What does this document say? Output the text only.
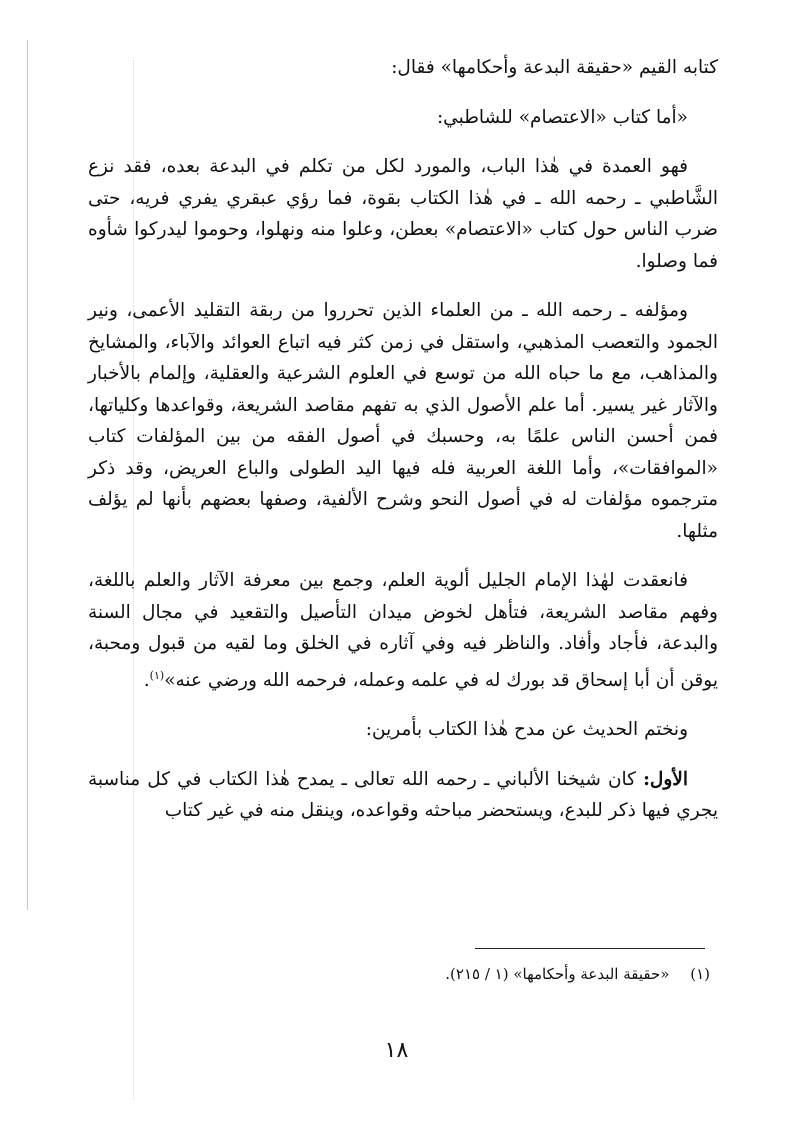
كتابه القيم «حقيقة البدعة وأحكامها» فقال:

«أما كتاب «الاعتصام» للشاطبي:

فهو العمدة في هٰذا الباب، والمورد لكل من تكلم في البدعة بعده، فقد نزع الشَّاطبي ـ رحمه الله ـ في هٰذا الكتاب بقوة، فما رؤي عبقري يفري فريه، حتى ضرب الناس حول كتاب «الاعتصام» بعطن، وعلوا منه ونهلوا، وحوموا ليدركوا شأوه فما وصلوا.

ومؤلفه ـ رحمه الله ـ من العلماء الذين تحرروا من ربقة التقليد الأعمى، ونير الجمود والتعصب المذهبي، واستقل في زمن كثر فيه اتباع العوائد والآباء، والمشايخ والمذاهب، مع ما حباه الله من توسع في العلوم الشرعية والعقلية، وإلمام بالأخبار والآثار غير يسير. أما علم الأصول الذي به تفهم مقاصد الشريعة، وقواعدها وكلياتها، فمن أحسن الناس علمًا به، وحسبك في أصول الفقه من بين المؤلفات كتاب «الموافقات»، وأما اللغة العربية فله فيها اليد الطولى والباع العريض، وقد ذكر مترجموه مؤلفات له في أصول النحو وشرح الألفية، وصفها بعضهم بأنها لم يؤلف مثلها.

فانعقدت لهٰذا الإمام الجليل ألوية العلم، وجمع بين معرفة الآثار والعلم باللغة، وفهم مقاصد الشريعة، فتأهل لخوض ميدان التأصيل والتقعيد في مجال السنة والبدعة، فأجاد وأفاد. والناظر فيه وفي آثاره في الخلق وما لقيه من قبول ومحبة، يوقن أن أبا إسحاق قد بورك له في علمه وعمله، فرحمه الله ورضي عنه»$^{(١)}$.

ونختم الحديث عن مدح هٰذا الكتاب بأمرين:

الأول: كان شيخنا الألباني ـ رحمه الله تعالى ـ يمدح هٰذا الكتاب في كل مناسبة يجري فيها ذكر للبدع، ويستحضر مباحثه وقواعده، وينقل منه في غير كتاب

(١) «حقيقة البدعة وأحكامها» (١ / ٢١٥).
١٨
